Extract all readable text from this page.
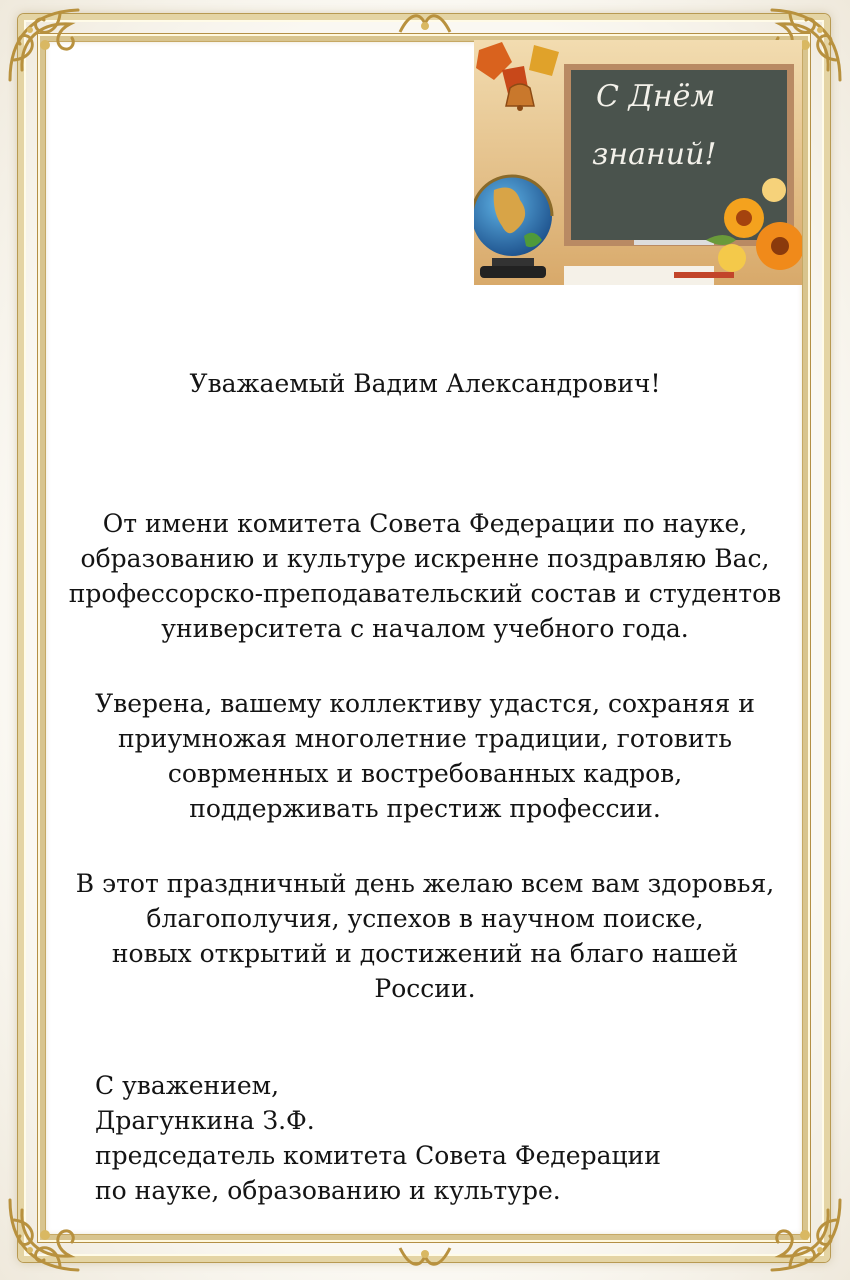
С Днём
знаний!
Уважаемый Вадим Александрович!
От имени комитета Совета Федерации по науке,
образованию и культуре искренне поздравляю Вас,
профессорско-преподавательский состав и студентов
университета с началом учебного года.
Уверена, вашему коллективу удастся, сохраняя и
приумножая многолетние традиции, готовить
соврменных и востребованных кадров,
поддерживать престиж профессии.
В этот праздничный день желаю всем вам здоровья,
благополучия, успехов в научном поиске,
новых открытий и достижений на благо нашей
России.
С уважением,
Драгункина З.Ф.
председатель комитета Совета Федерации
по науке, образованию и культуре.
